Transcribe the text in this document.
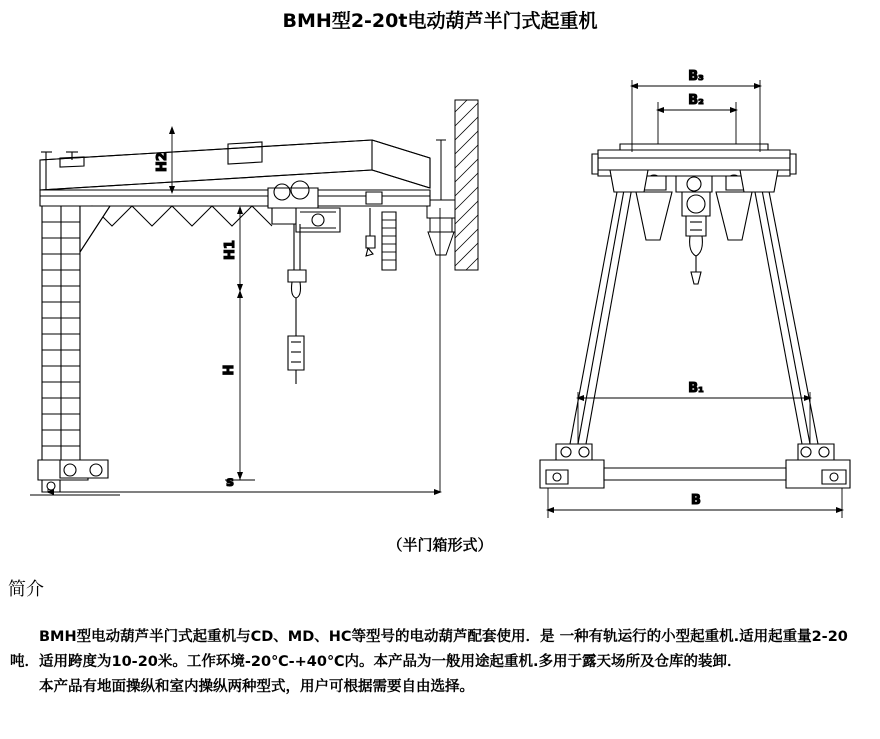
BMH型2-20t电动葫芦半门式起重机
H2
H1
H
s
B₃
B₂
B₁
B
（半门箱形式）
简介

BMH型电动葫芦半门式起重机与CD、MD、HC等型号的电动葫芦配套使用．是 一种有轨运行的小型起重机.适用起重量2-20吨．适用跨度为10-20米。工作环境-20℃-+40℃内。本产品为一般用途起重机.多用于露天场所及仓库的装卸．

本产品有地面操纵和室内操纵两种型式，用户可根据需要自由选择。
